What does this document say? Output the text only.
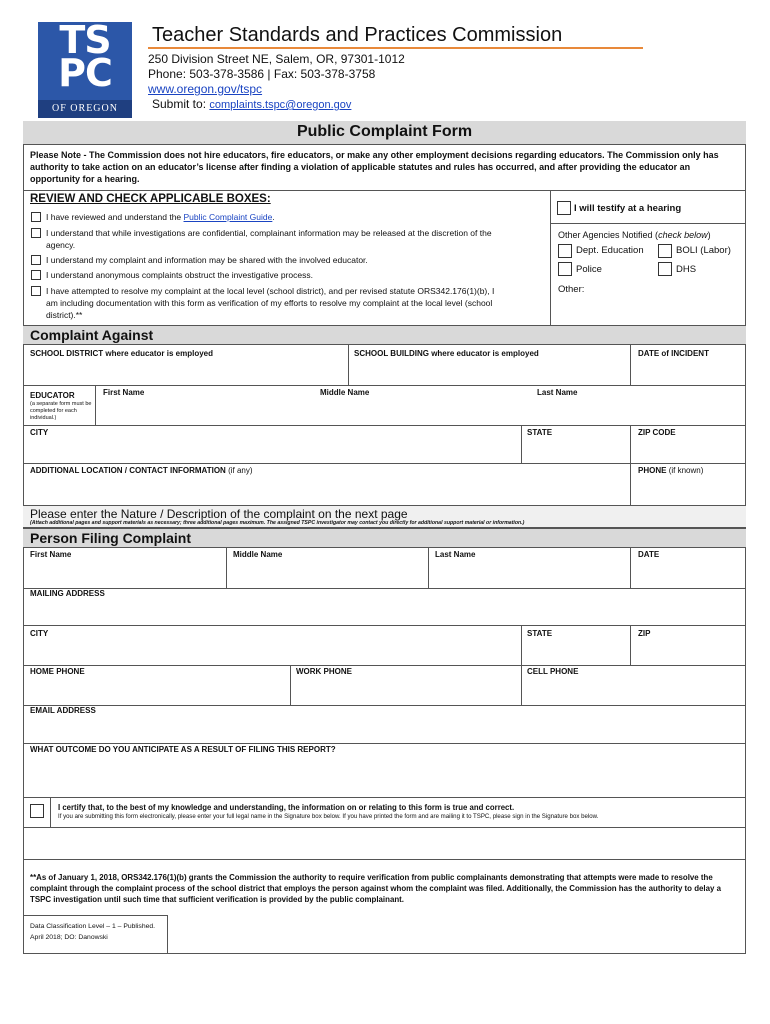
TS
PC
OF OREGON
Teacher Standards and Practices Commission
250 Division Street NE, Salem, OR, 97301-1012
Phone: 503-378-3586 | Fax: 503-378-3758
www.oregon.gov/tspc
Submit to: complaints.tspc@oregon.gov
Public Complaint Form
Please Note - The Commission does not hire educators, fire educators, or make any other employment decisions regarding educators. The Commission only has authority to take action on an educator’s license after finding a violation of applicable statutes and rules has occurred, and after providing the educator an opportunity for a hearing.
REVIEW AND CHECK APPLICABLE BOXES:
I have reviewed and understand the Public Complaint Guide.
I understand that while investigations are confidential, complainant information may be released at the discretion of the agency.
I understand my complaint and information may be shared with the involved educator.
I understand anonymous complaints obstruct the investigative process.
I have attempted to resolve my complaint at the local level (school district), and per revised statute ORS342.176(1)(b), I am including documentation with this form as verification of my efforts to resolve my complaint at the local level (school district).**
I will testify at a hearing
Other Agencies Notified (check below)
Dept. Education	BOLI (Labor)
Police	DHS
Other:
Complaint Against
SCHOOL DISTRICT where educator is employed	SCHOOL BUILDING where educator is employed	DATE of INCIDENT
EDUCATOR
(a separate form must be completed for each individual.)
First Name	Middle Name	Last Name
CITY	STATE	ZIP CODE
ADDITIONAL LOCATION / CONTACT INFORMATION (if any)	PHONE (if known)
Please enter the Nature / Description of the complaint on the next page
(Attach additional pages and support materials as necessary; three additional pages maximum. The assigned TSPC investigator may contact you directly for additional support material or information.)
Person Filing Complaint
First Name	Middle Name	Last Name	DATE
MAILING ADDRESS
CITY	STATE	ZIP
HOME PHONE	WORK PHONE	CELL PHONE
EMAIL ADDRESS
WHAT OUTCOME DO YOU ANTICIPATE AS A RESULT OF FILING THIS REPORT?
I certify that, to the best of my knowledge and understanding, the information on or relating to this form is true and correct.
If you are submitting this form electronically, please enter your full legal name in the Signature box below. If you have printed the form and are mailing it to TSPC, please sign in the Signature box below.
**As of January 1, 2018, ORS342.176(1)(b) grants the Commission the authority to require verification from public complainants demonstrating that attempts were made to resolve the complaint through the complaint process of the school district that employs the person against whom the complaint was filed. Additionally, the Commission has the authority to delay a TSPC investigation until such time that sufficient verification is provided by the public complainant.
Data Classification Level – 1 – Published.
April 2018; DO: Danowski
